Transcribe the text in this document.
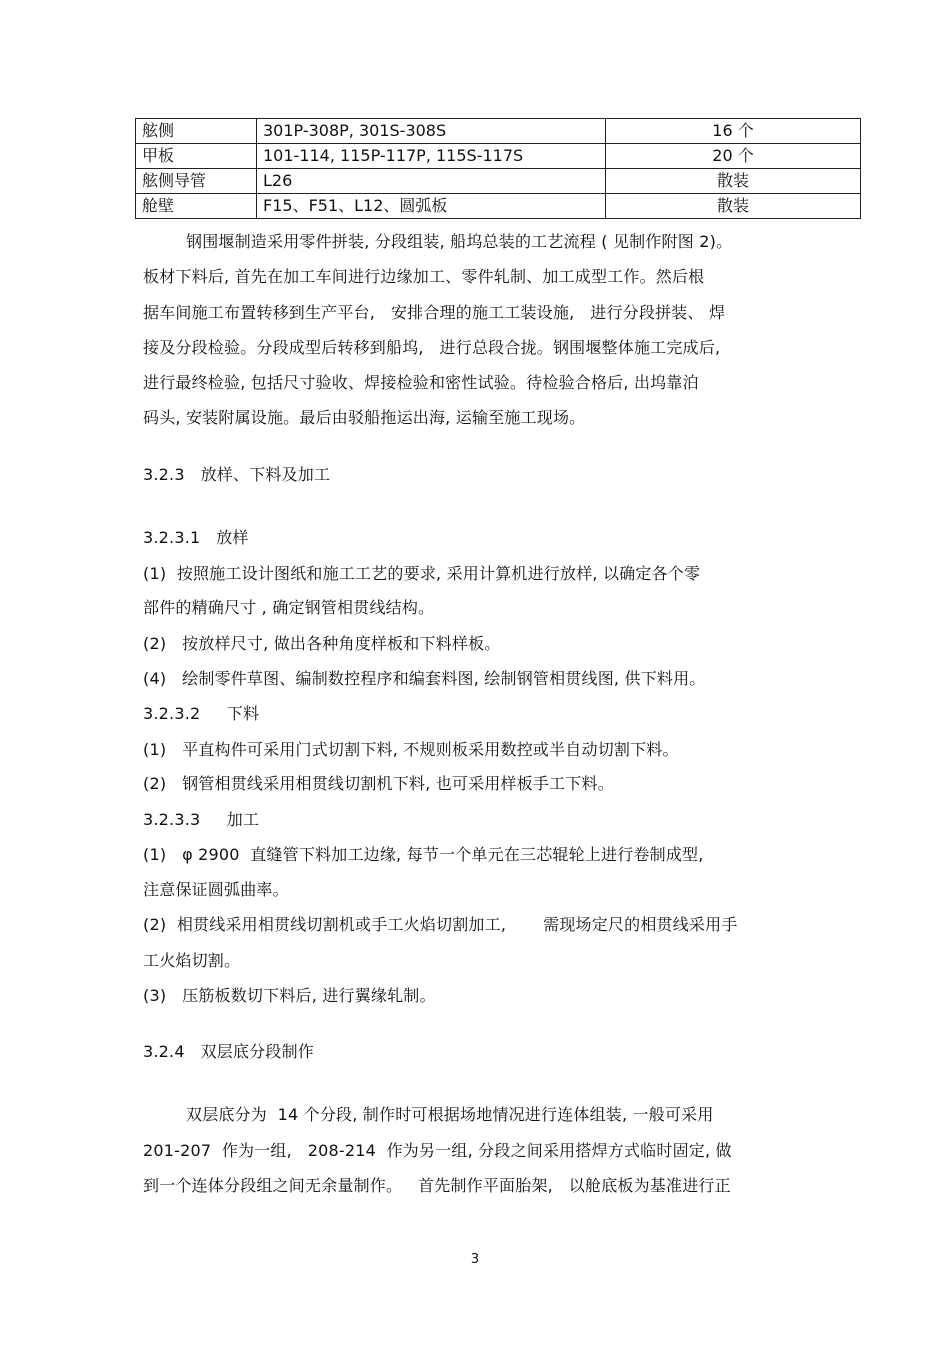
舷侧	301P-308P, 301S-308S	16 个
甲板	101-114, 115P-117P, 115S-117S	20 个
舷侧导管	L26	散装
舱壁	F15、F51、L12、圆弧板	散装
钢围堰制造采用零件拼装, 分段组装, 船坞总装的工艺流程 ( 见制作附图 2)。
板材下料后, 首先在加工车间进行边缘加工、零件轧制、加工成型工作。然后根
据车间施工布置转移到生产平台,   安排合理的施工工装设施,   进行分段拼装、 焊
接及分段检验。分段成型后转移到船坞,   进行总段合拢。钢围堰整体施工完成后,
进行最终检验, 包括尺寸验收、焊接检验和密性试验。待检验合格后, 出坞靠泊
码头, 安装附属设施。最后由驳船拖运出海, 运输至施工现场。
3.2.3   放样、下料及加工
3.2.3.1   放样
(1)  按照施工设计图纸和施工工艺的要求, 采用计算机进行放样, 以确定各个零
部件的精确尺寸 , 确定钢管相贯线结构。
(2)   按放样尺寸, 做出各种角度样板和下料样板。
(4)   绘制零件草图、编制数控程序和编套料图, 绘制钢管相贯线图, 供下料用。
3.2.3.2     下料
(1)   平直构件可采用门式切割下料, 不规则板采用数控或半自动切割下料。
(2)   钢管相贯线采用相贯线切割机下料, 也可采用样板手工下料。
3.2.3.3     加工
(1)   φ 2900  直缝管下料加工边缘, 每节一个单元在三芯辊轮上进行卷制成型,
注意保证圆弧曲率。
(2)  相贯线采用相贯线切割机或手工火焰切割加工,       需现场定尺的相贯线采用手
工火焰切割。
(3)   压筋板数切下料后, 进行翼缘轧制。
3.2.4   双层底分段制作
双层底分为  14 个分段, 制作时可根据场地情况进行连体组装, 一般可采用
201-207  作为一组,   208-214  作为另一组, 分段之间采用搭焊方式临时固定, 做
到一个连体分段组之间无余量制作。   首先制作平面胎架,   以舱底板为基准进行正
3
